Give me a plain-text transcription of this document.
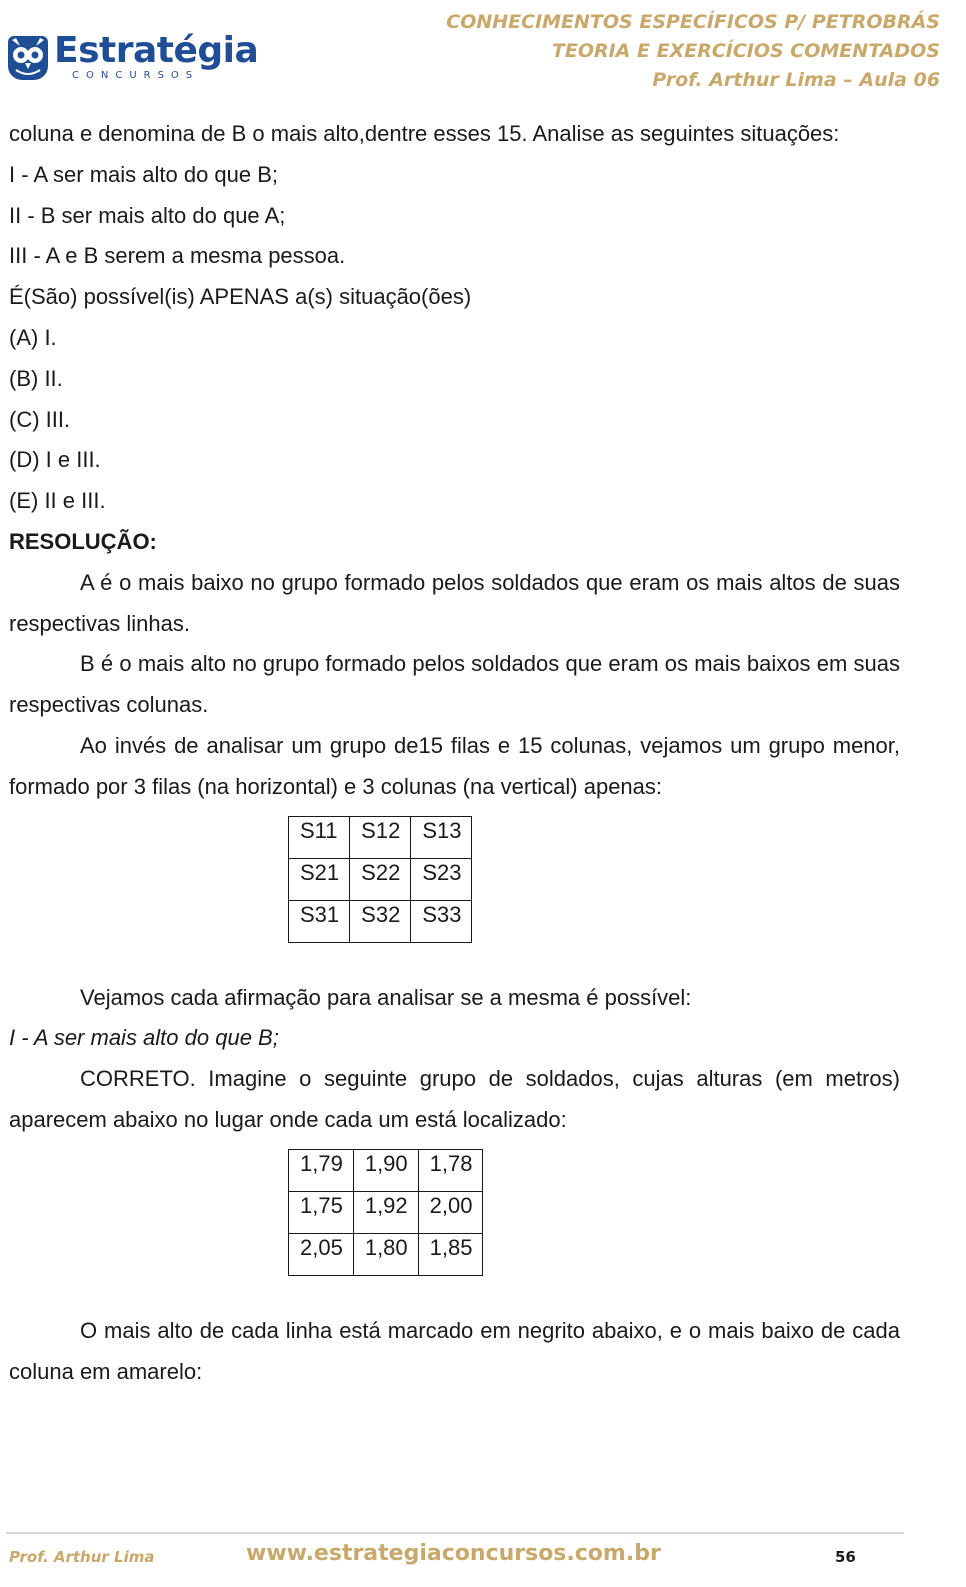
Estratégia
CONCURSOS
CONHECIMENTOS ESPECÍFICOS P/ PETROBRÁS
TEORIA E EXERCÍCIOS COMENTADOS
Prof. Arthur Lima – Aula 06

coluna e denomina de B o mais alto,dentre esses 15. Analise as seguintes situações:

I - A ser mais alto do que B;

II - B ser mais alto do que A;

III - A e B serem a mesma pessoa.

É(São) possível(is) APENAS a(s) situação(ões)

(A) I.

(B) II.

(C) III.

(D) I e III.

(E) II e III.

RESOLUÇÃO:

A é o mais baixo no grupo formado pelos soldados que eram os mais altos de suas respectivas linhas.

B é o mais alto no grupo formado pelos soldados que eram os mais baixos em suas respectivas colunas.

Ao invés de analisar um grupo de15 filas e 15 colunas, vejamos um grupo menor, formado por 3 filas (na horizontal) e 3 colunas (na vertical) apenas:

S11	S12	S13
S21	S22	S23
S31	S32	S33

Vejamos cada afirmação para analisar se a mesma é possível:

I - A ser mais alto do que B;

CORRETO. Imagine o seguinte grupo de soldados, cujas alturas (em metros) aparecem abaixo no lugar onde cada um está localizado:

1,79	1,90	1,78
1,75	1,92	2,00
2,05	1,80	1,85

O mais alto de cada linha está marcado em negrito abaixo, e o mais baixo de cada coluna em amarelo:

Prof. Arthur Lima	www.estrategiaconcursos.com.br	56
